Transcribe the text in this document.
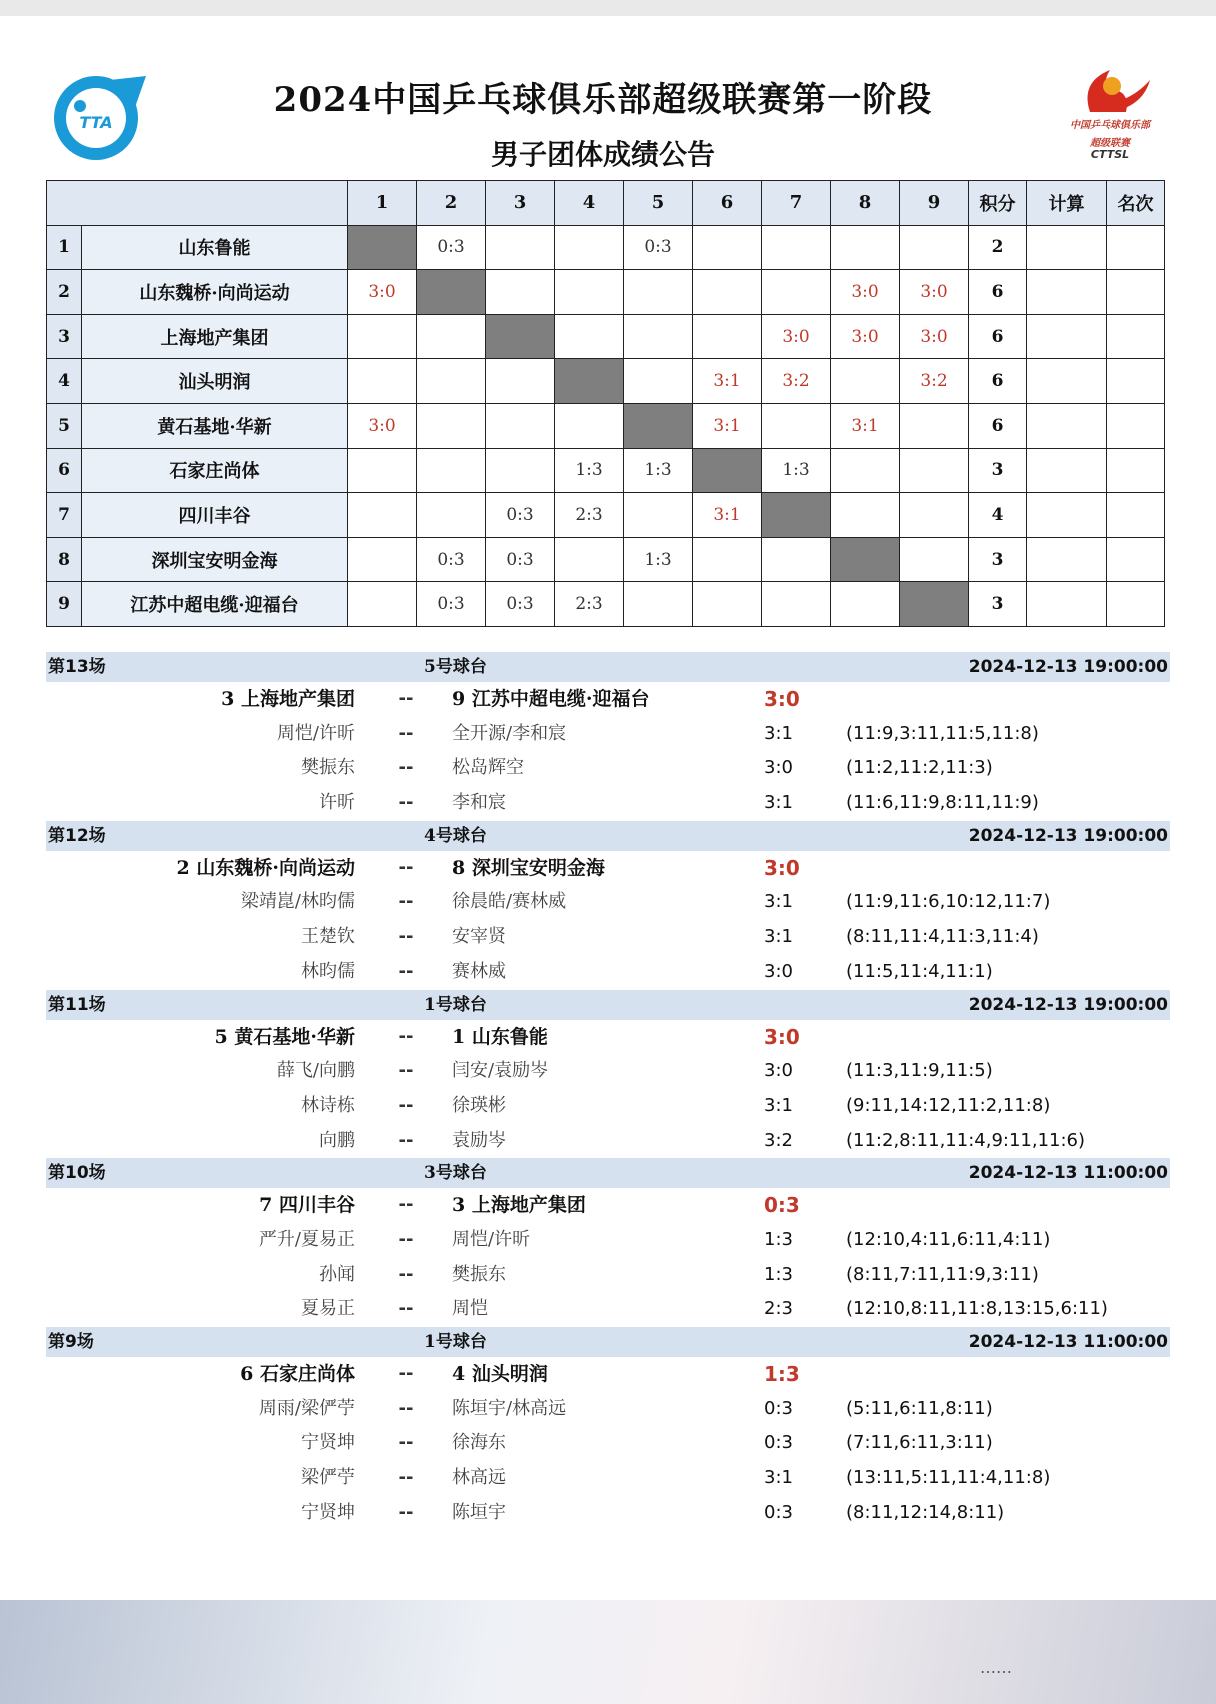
TTA	中国乒乓球俱乐部
超级联赛
CTTSL
2024中国乒乓球俱乐部超级联赛第一阶段
男子团体成绩公告
		1	2	3	4	5	6	7	8	9	积分	计算	名次
1	山东鲁能		0:3			0:3					2		
2	山东魏桥·向尚运动	3:0							3:0	3:0	6		
3	上海地产集团							3:0	3:0	3:0	6		
4	汕头明润						3:1	3:2		3:2	6		
5	黄石基地·华新	3:0					3:1		3:1		6		
6	石家庄尚体				1:3	1:3		1:3			3		
7	四川丰谷			0:3	2:3		3:1				4		
8	深圳宝安明金海		0:3	0:3		1:3					3		
9	江苏中超电缆·迎福台		0:3	0:3	2:3						3		
第13场	5号球台	2024-12-13 19:00:00
3 上海地产集团	--	9 江苏中超电缆·迎福台	3:0
周恺/许昕	--	全开源/李和宸	3:1	(11:9,3:11,11:5,11:8)
樊振东	--	松岛辉空	3:0	(11:2,11:2,11:3)
许昕	--	李和宸	3:1	(11:6,11:9,8:11,11:9)
第12场	4号球台	2024-12-13 19:00:00
2 山东魏桥·向尚运动	--	8 深圳宝安明金海	3:0
梁靖崑/林昀儒	--	徐晨皓/赛林威	3:1	(11:9,11:6,10:12,11:7)
王楚钦	--	安宰贤	3:1	(8:11,11:4,11:3,11:4)
林昀儒	--	赛林威	3:0	(11:5,11:4,11:1)
第11场	1号球台	2024-12-13 19:00:00
5 黄石基地·华新	--	1 山东鲁能	3:0
薛飞/向鹏	--	闫安/袁励岑	3:0	(11:3,11:9,11:5)
林诗栋	--	徐瑛彬	3:1	(9:11,14:12,11:2,11:8)
向鹏	--	袁励岑	3:2	(11:2,8:11,11:4,9:11,11:6)
第10场	3号球台	2024-12-13 11:00:00
7 四川丰谷	--	3 上海地产集团	0:3
严升/夏易正	--	周恺/许昕	1:3	(12:10,4:11,6:11,4:11)
孙闻	--	樊振东	1:3	(8:11,7:11,11:9,3:11)
夏易正	--	周恺	2:3	(12:10,8:11,11:8,13:15,6:11)
第9场	1号球台	2024-12-13 11:00:00
6 石家庄尚体	--	4 汕头明润	1:3
周雨/梁俨苧	--	陈垣宇/林高远	0:3	(5:11,6:11,8:11)
宁贤坤	--	徐海东	0:3	(7:11,6:11,3:11)
梁俨苧	--	林高远	3:1	(13:11,5:11,11:4,11:8)
宁贤坤	--	陈垣宇	0:3	(8:11,12:14,8:11)
……
